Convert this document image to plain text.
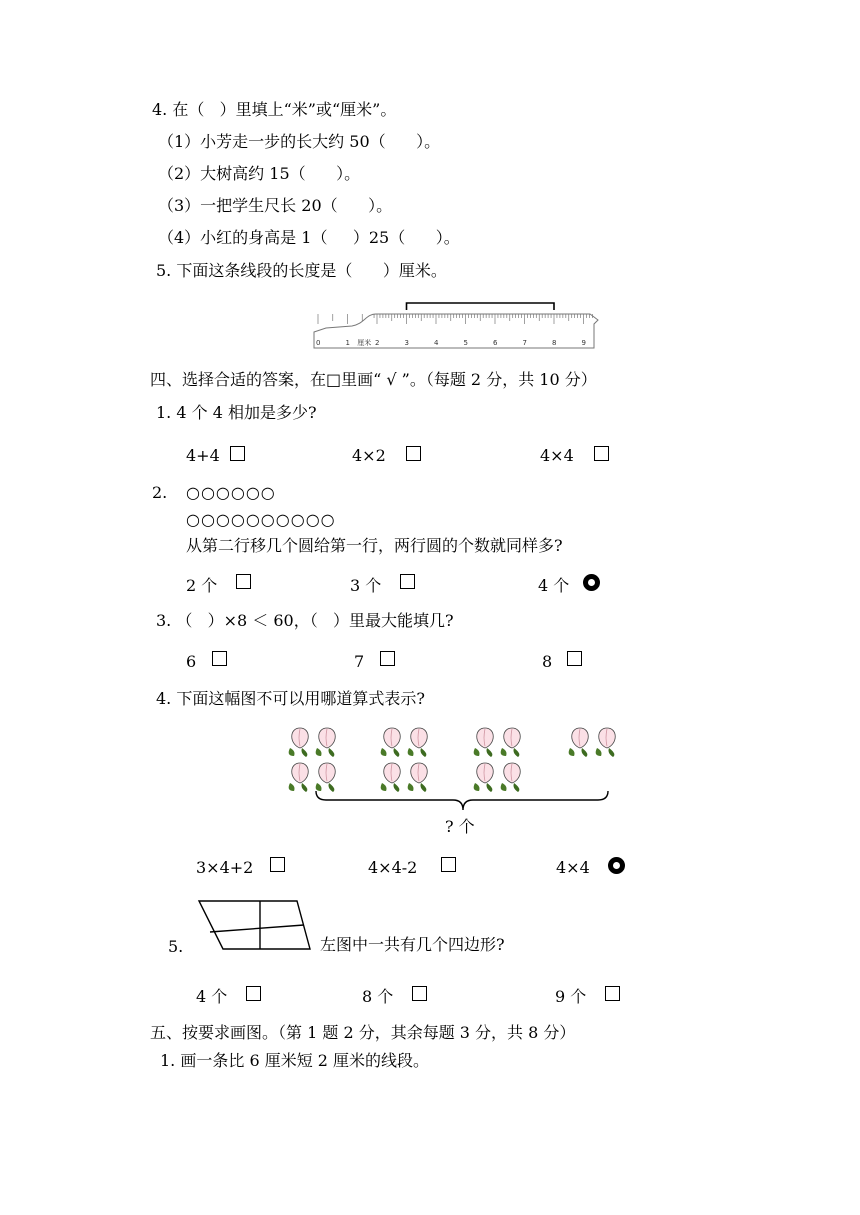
4. 在（   ）里填上“米”或“厘米”。
（1）小芳走一步的长大约 50（      ）。
（2）大树高约 15（      ）。
（3）一把学生尺长 20（      ）。
（4）小红的身高是 1（     ）25（      ）。
5. 下面这条线段的长度是（      ）厘米。
0	1 厘米 2	3	4	5	6	7	8	9
四、选择合适的答案，在□里画“ √ ”。（每题 2 分，共 10 分）
1. 4 个 4 相加是多少?
4+4	4×2	4×4
2. ○○○○○○
○○○○○○○○○○
从第二行移几个圆给第一行，两行圆的个数就同样多?
2 个	3 个	4 个
3. （   ）×8 ＜ 60，（   ）里最大能填几?
6	7	8
4. 下面这幅图不可以用哪道算式表示?
? 个
3×4+2	4×4-2	4×4
5.	左图中一共有几个四边形?
4 个	8 个	9 个
五、按要求画图。（第 1 题 2 分，其余每题 3 分，共 8 分）
1. 画一条比 6 厘米短 2 厘米的线段。
